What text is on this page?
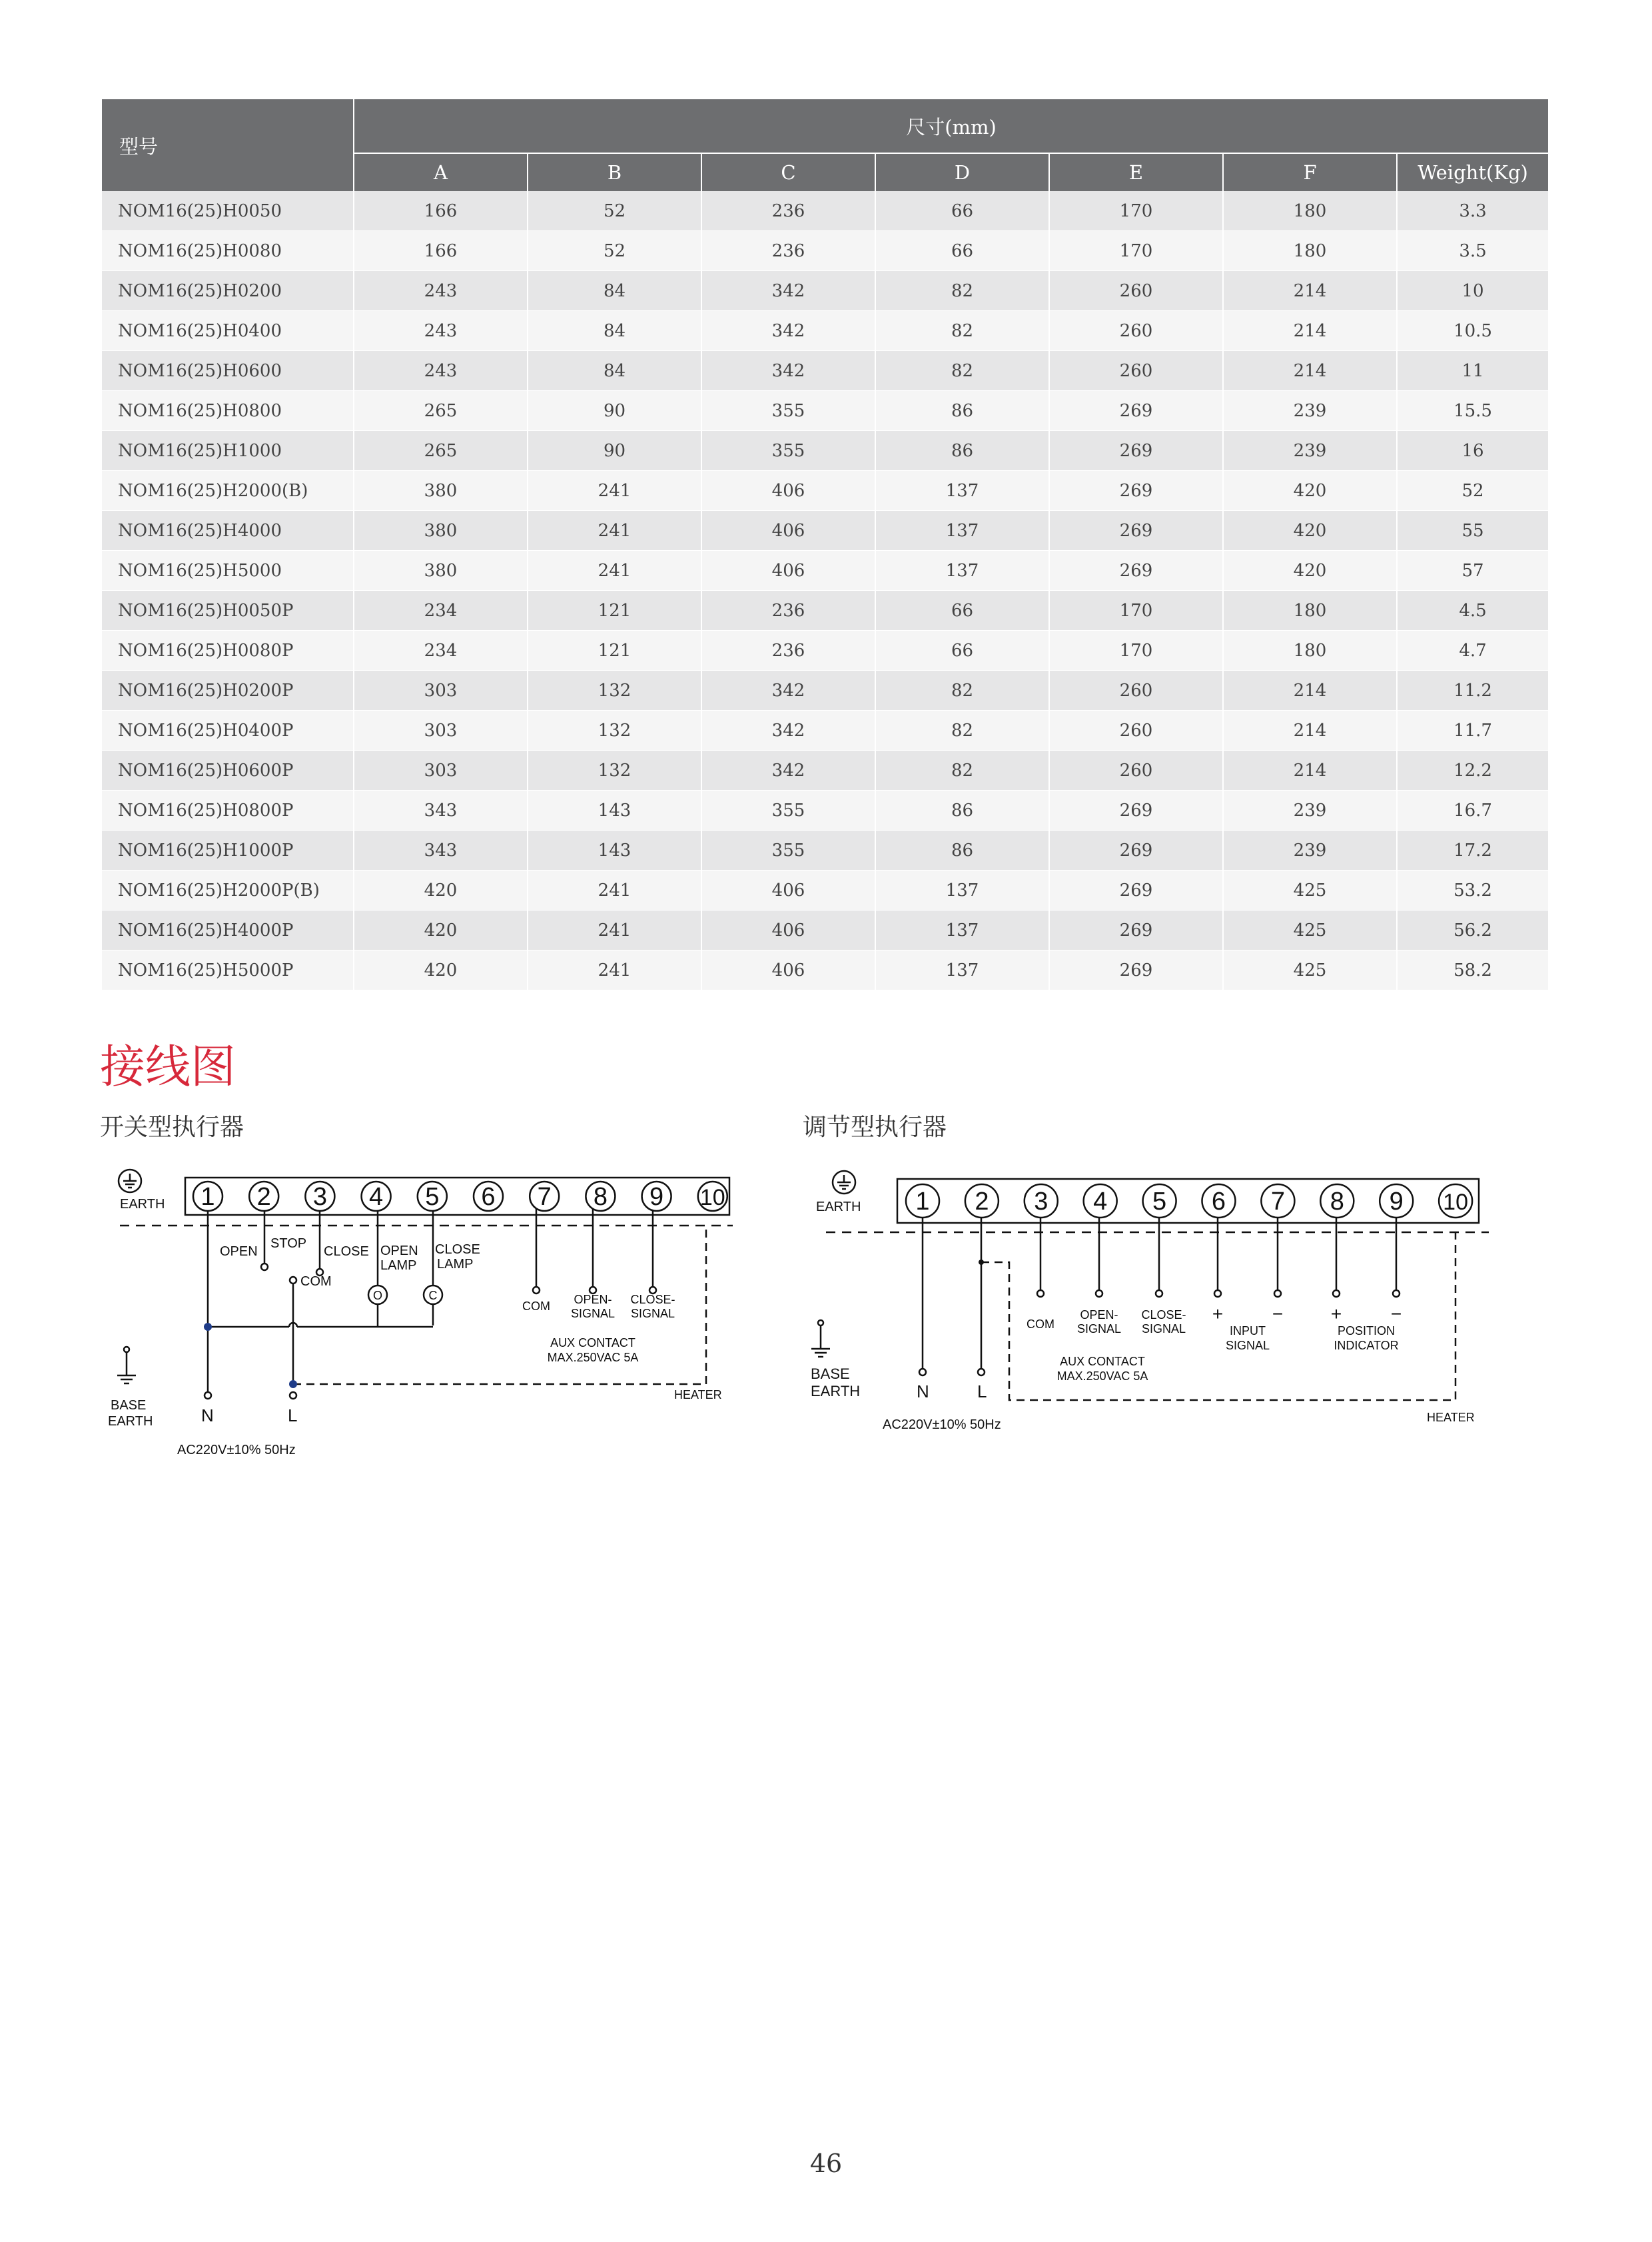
型号	尺寸(mm)						
	A	B	C	D	E	F	Weight(Kg)
NOM16(25)H0050	166	52	236	66	170	180	3.3
NOM16(25)H0080	166	52	236	66	170	180	3.5
NOM16(25)H0200	243	84	342	82	260	214	10
NOM16(25)H0400	243	84	342	82	260	214	10.5
NOM16(25)H0600	243	84	342	82	260	214	11
NOM16(25)H0800	265	90	355	86	269	239	15.5
NOM16(25)H1000	265	90	355	86	269	239	16
NOM16(25)H2000(B)	380	241	406	137	269	420	52
NOM16(25)H4000	380	241	406	137	269	420	55
NOM16(25)H5000	380	241	406	137	269	420	57
NOM16(25)H0050P	234	121	236	66	170	180	4.5
NOM16(25)H0080P	234	121	236	66	170	180	4.7
NOM16(25)H0200P	303	132	342	82	260	214	11.2
NOM16(25)H0400P	303	132	342	82	260	214	11.7
NOM16(25)H0600P	303	132	342	82	260	214	12.2
NOM16(25)H0800P	343	143	355	86	269	239	16.7
NOM16(25)H1000P	343	143	355	86	269	239	17.2
NOM16(25)H2000P(B)	420	241	406	137	269	425	53.2
NOM16(25)H4000P	420	241	406	137	269	425	56.2
NOM16(25)H5000P	420	241	406	137	269	425	58.2
接线图
开关型执行器	调节型执行器
1 2 3 4 5 6 7 8 9 10
EARTH
OPEN
STOP
CLOSE
COM
OPEN
LAMP
CLOSE
LAMP
O	C
COM OPEN-
SIGNAL
CLOSE-
SIGNAL
AUX CONTACT
MAX.250VAC 5A
HEATER
BASE
EARTH	N	L
AC220V±10% 50Hz
1 2 3 4 5 6 7 8 9 10
EARTH
COM
OPEN-
SIGNAL
CLOSE-
SIGNAL
+	−
INPUT
SIGNAL
+	−
POSITION
INDICATOR
AUX CONTACT
MAX.250VAC 5A
HEATER
BASE
EARTH	N	L
AC220V±10% 50Hz
46
